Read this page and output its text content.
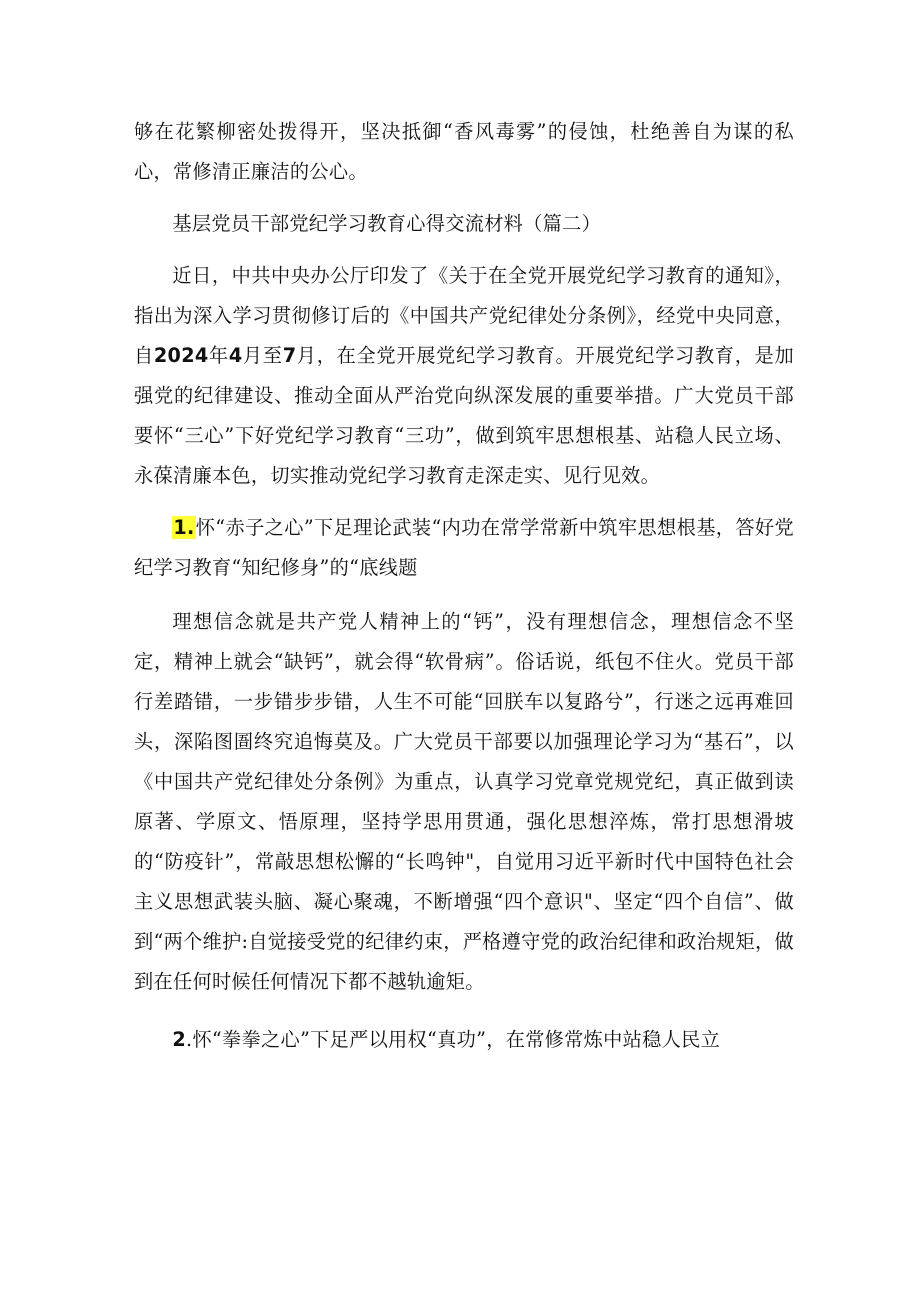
够在花繁柳密处拨得开，坚决抵御“香风毒雾”的侵蚀，杜绝善自为谋的私心，常修清正廉洁的公心。

基层党员干部党纪学习教育心得交流材料（篇二）

近日，中共中央办公厅印发了《关于在全党开展党纪学习教育的通知》，指出为深入学习贯彻修订后的《中国共产党纪律处分条例》，经党中央同意，自2024年4月至7月，在全党开展党纪学习教育。开展党纪学习教育，是加强党的纪律建设、推动全面从严治党向纵深发展的重要举措。广大党员干部要怀“三心”下好党纪学习教育“三功”，做到筑牢思想根基、站稳人民立场、永葆清廉本色，切实推动党纪学习教育走深走实、见行见效。

1.怀“赤子之心”下足理论武装“内功在常学常新中筑牢思想根基，答好党纪学习教育“知纪修身”的“底线题

理想信念就是共产党人精神上的“钙”，没有理想信念，理想信念不坚定，精神上就会“缺钙”，就会得“软骨病”。俗话说，纸包不住火。党员干部行差踏错，一步错步步错，人生不可能“回朕车以复路兮”，行迷之远再难回头，深陷图圄终究追悔莫及。广大党员干部要以加强理论学习为“基石”，以《中国共产党纪律处分条例》为重点，认真学习党章党规党纪，真正做到读原著、学原文、悟原理，坚持学思用贯通，强化思想淬炼，常打思想滑坡的“防疫针”，常敲思想松懈的“长鸣钟"，自觉用习近平新时代中国特色社会主义思想武装头脑、凝心聚魂，不断增强“四个意识"、坚定“四个自信”、做到“两个维护:自觉接受党的纪律约束，严格遵守党的政治纪律和政治规矩，做到在任何时候任何情况下都不越轨逾矩。

2.怀“拳拳之心”下足严以用权“真功”，在常修常炼中站稳人民立
